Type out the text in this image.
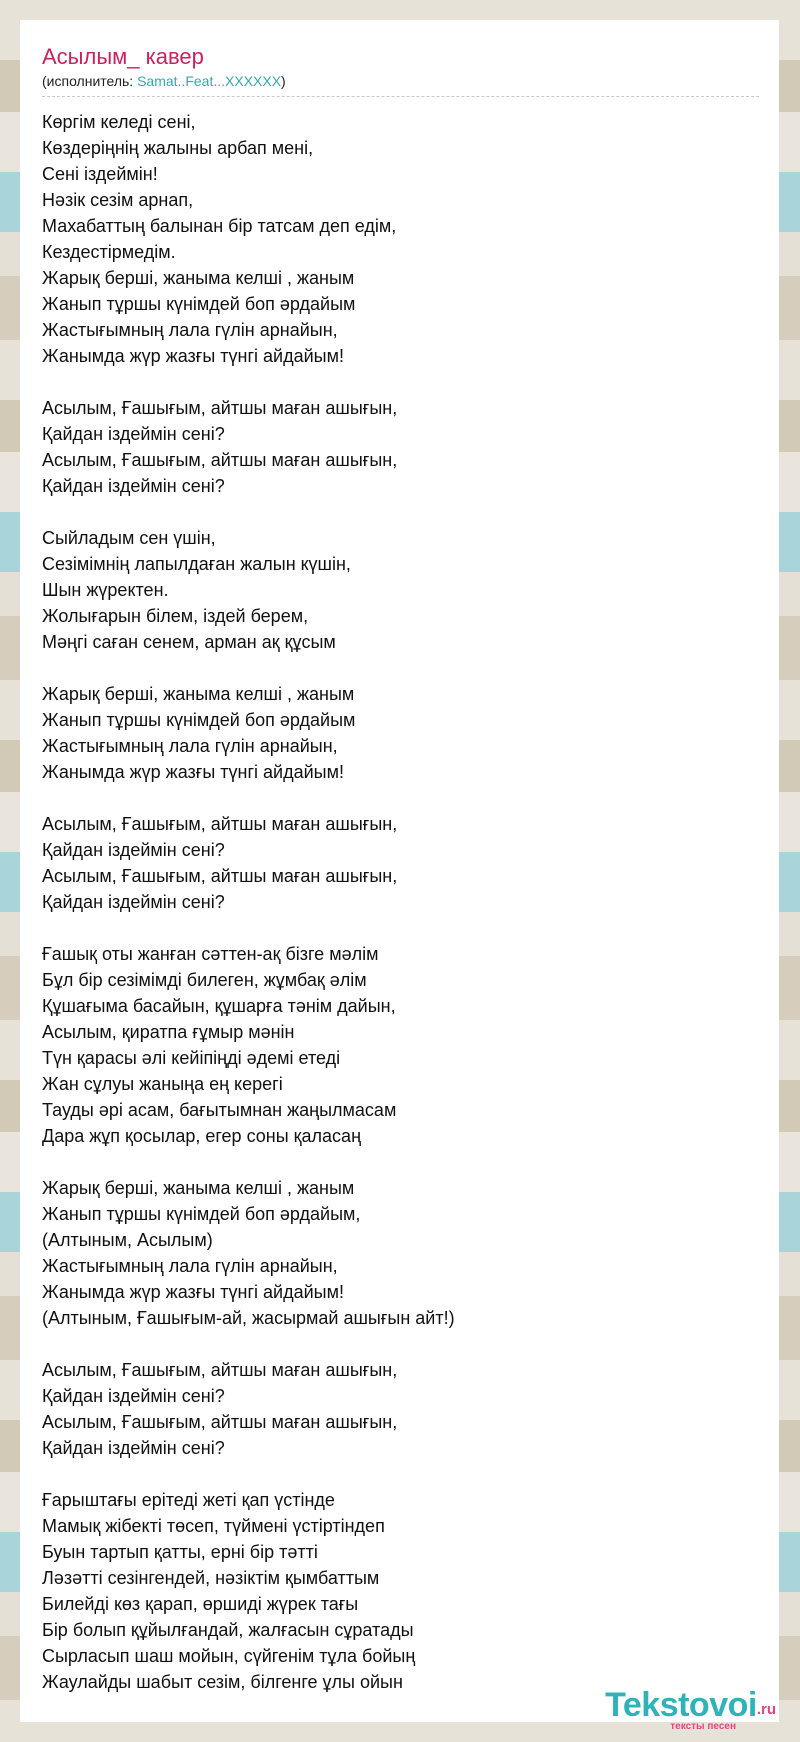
Асылым_ кавер

(исполнитель: Samat..Feat...XXXXXX)

Көргім келеді сені,
Көздеріңнің жалыны арбап мені,
Сені іздеймін!
Нәзік сезім арнап,
Махабаттың балынан бір татсам деп едім,
Кездестірмедім.
Жарық берші, жаныма келші , жаным
Жанып тұршы күнімдей боп әрдайым
Жастығымның лала гүлін арнайын,
Жанымда жүр жазғы түнгі айдайым!

Асылым, Ғашығым, айтшы маған ашығын,
Қайдан іздеймін сені?
Асылым, Ғашығым, айтшы маған ашығын,
Қайдан іздеймін сені?

Сыйладым сен үшін,
Сезімімнің лапылдаған жалын күшін,
Шын жүректен.
Жолығарын білем, іздей берем,
Мәңгі саған сенем, арман ақ құсым

Жарық берші, жаныма келші , жаным
Жанып тұршы күнімдей боп әрдайым
Жастығымның лала гүлін арнайын,
Жанымда жүр жазғы түнгі айдайым!

Асылым, Ғашығым, айтшы маған ашығын,
Қайдан іздеймін сені?
Асылым, Ғашығым, айтшы маған ашығын,
Қайдан іздеймін сені?

Ғашық оты жанған сәттен-ақ бізге мәлім
Бұл бір сезімімді билеген, жұмбақ әлім
Құшағыма басайын, құшарға тәнім дайын,
Асылым, қиратпа ғұмыр мәнін
Түн қарасы әлі кейіпіңді әдемі етеді
Жан сұлуы жаныңа ең керегі
Тауды әрі асам, бағытымнан жаңылмасам
Дара жұп қосылар, егер соны қаласаң

Жарық берші, жаныма келші , жаным
Жанып тұршы күнімдей боп әрдайым,
(Алтыным, Асылым)
Жастығымның лала гүлін арнайын,
Жанымда жүр жазғы түнгі айдайым!
(Алтыным, Ғашығым-ай, жасырмай ашығын айт!)

Асылым, Ғашығым, айтшы маған ашығын,
Қайдан іздеймін сені?
Асылым, Ғашығым, айтшы маған ашығын,
Қайдан іздеймін сені?

Ғарыштағы ерітеді жеті қап үстінде
Мамық жібекті төсеп, түймені үстіртіндеп
Буын тартып қатты, ерні бір тәтті
Ләзәтті сезінгендей, нәзіктім қымбаттым
Билейді көз қарап, өршиді жүрек тағы
Бір болып құйылғандай, жалғасын сұратады
Сырласып шаш мойын, сүйгенім тұла бойың
Жаулайды шабыт сезім, білгенге ұлы ойын
Tekstovoi.ru
тексты песен
